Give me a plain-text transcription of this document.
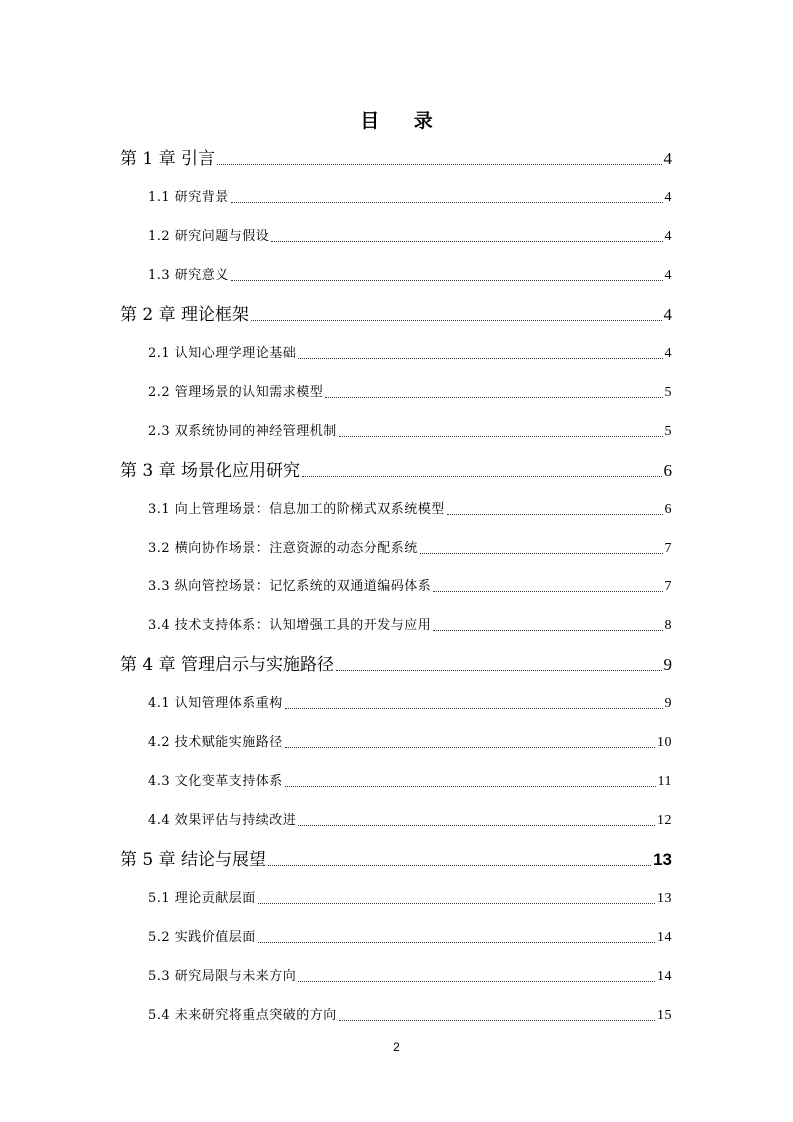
目 录
第 1 章 引言	4
1.1 研究背景	4
1.2 研究问题与假设	4
1.3 研究意义	4
第 2 章 理论框架	4
2.1 认知心理学理论基础	4
2.2 管理场景的认知需求模型	5
2.3 双系统协同的神经管理机制	5
第 3 章 场景化应用研究	6
3.1 向上管理场景：信息加工的阶梯式双系统模型	6
3.2 横向协作场景：注意资源的动态分配系统	7
3.3 纵向管控场景：记忆系统的双通道编码体系	7
3.4 技术支持体系：认知增强工具的开发与应用	8
第 4 章 管理启示与实施路径	9
4.1 认知管理体系重构	9
4.2 技术赋能实施路径	10
4.3 文化变革支持体系	11
4.4 效果评估与持续改进	12
第 5 章 结论与展望	13
5.1 理论贡献层面	13
5.2 实践价值层面	14
5.3 研究局限与未来方向	14
5.4 未来研究将重点突破的方向	15
2
